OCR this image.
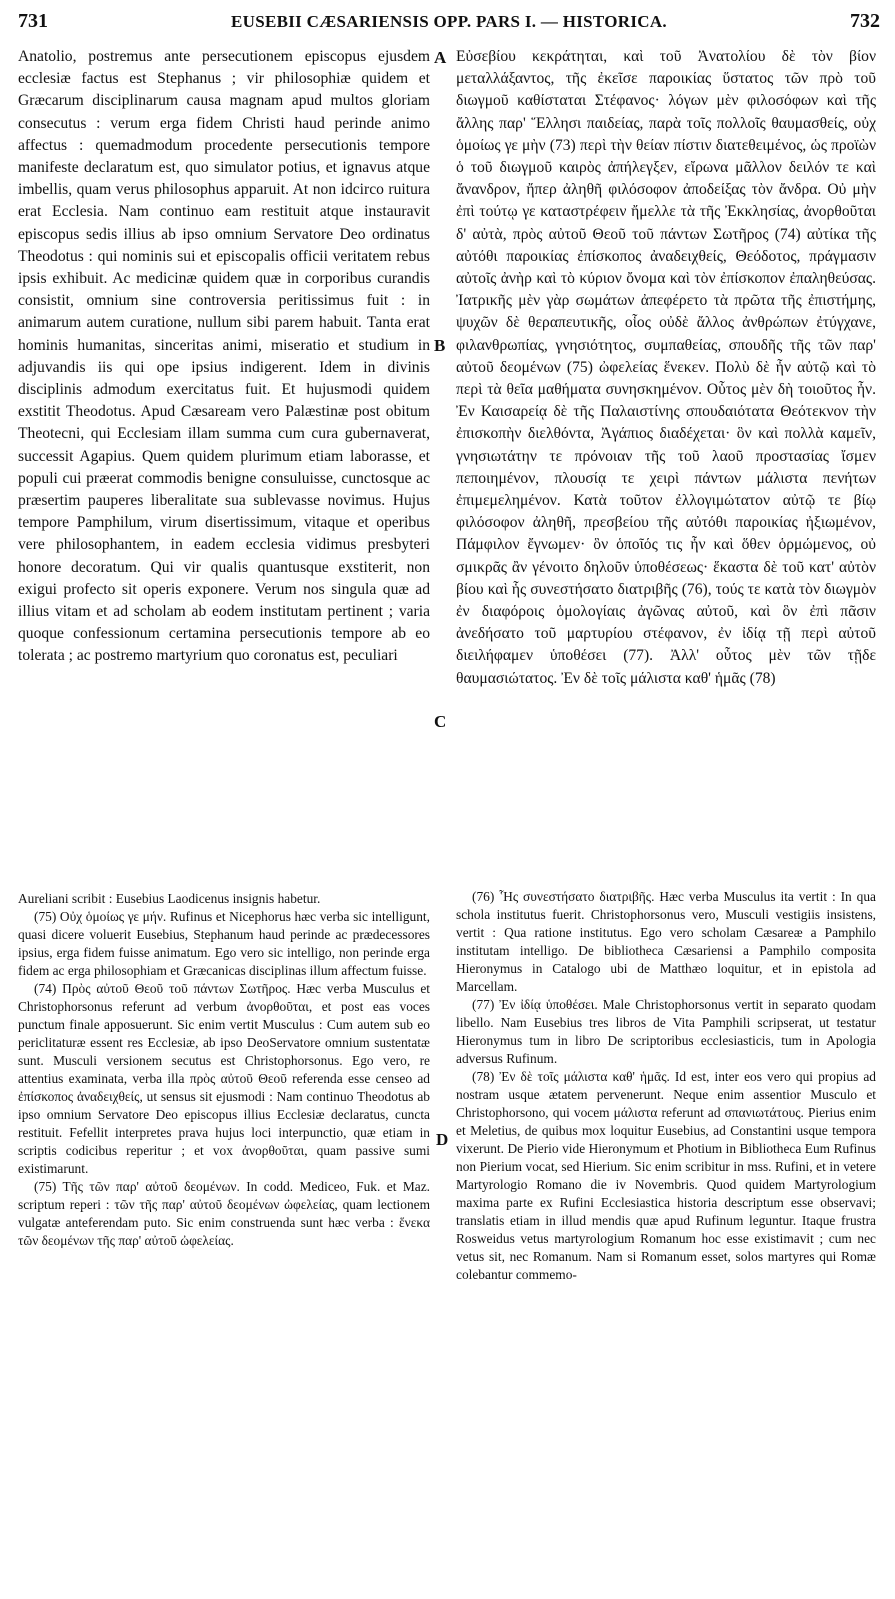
731	EUSEBII CÆSARIENSIS OPP. PARS I. — HISTORICA.	732
Anatolio, postremus ante persecutionem episcopus ejusdem ecclesiæ factus est Stephanus ; vir philosophiæ quidem et Græcarum disciplinarum causa magnam apud multos gloriam consecutus : verum erga fidem Christi haud perinde animo affectus : quemadmodum procedente persecutionis tempore manifeste declaratum est, quo simulator potius, et ignavus atque imbellis, quam verus philosophus apparuit. At non idcirco ruitura erat Ecclesia. Nam continuo eam restituit atque instauravit episcopus sedis illius ab ipso omnium Servatore Deo ordinatus Theodotus : qui nominis sui et episcopalis officii veritatem rebus ipsis exhibuit. Ac medicinæ quidem quæ in corporibus curandis consistit, omnium sine controversia peritissimus fuit : in animarum autem curatione, nullum sibi parem habuit. Tanta erat hominis humanitas, sinceritas animi, miseratio et studium in adjuvandis iis qui ope ipsius indigerent. Idem in divinis disciplinis admodum exercitatus fuit. Et hujusmodi quidem exstitit Theodotus. Apud Cæsaream vero Palæstinæ post obitum Theotecni, qui Ecclesiam illam summa cum cura gubernaverat, successit Agapius. Quem quidem plurimum etiam laborasse, et populi cui præerat commodis benigne consuluisse, cunctosque ac præsertim pauperes liberalitate sua sublevasse novimus. Hujus tempore Pamphilum, virum disertissimum, vitaque et operibus vere philosophantem, in eadem ecclesia vidimus presbyteri honore decoratum. Qui vir qualis quantusque exstiterit, non exigui profecto sit operis exponere. Verum nos singula quæ ad illius vitam et ad scholam ab eodem institutam pertinent ; varia quoque confessionum certamina persecutionis tempore ab eo tolerata ; ac postremo martyrium quo coronatus est, peculiari
A
B
C
D
Εὐσεβίου κεκράτηται, καὶ τοῦ Ἀνατολίου δὲ τὸν βίον μεταλλάξαντος, τῆς ἐκεῖσε παροικίας ὕστατος τῶν πρὸ τοῦ διωγμοῦ καθίσταται Στέφανος· λόγων μὲν φιλοσόφων καὶ τῆς ἄλλης παρ' Ἕλλησι παιδείας, παρὰ τοῖς πολλοῖς θαυμασθείς, οὐχ ὁμοίως γε μὴν (73) περὶ τὴν θείαν πίστιν διατεθειμένος, ὡς προϊὼν ὁ τοῦ διωγμοῦ καιρὸς ἀπήλεγξεν, εἴρωνα μᾶλλον δειλόν τε καὶ ἄνανδρον, ἤπερ ἀληθῆ φιλόσοφον ἀποδείξας τὸν ἄνδρα. Οὐ μὴν ἐπὶ τούτῳ γε καταστρέφειν ἤμελλε τὰ τῆς Ἐκκλησίας, ἀνορθοῦται δ' αὐτὰ, πρὸς αὐτοῦ Θεοῦ τοῦ πάντων Σωτῆρος (74) αὐτίκα τῆς αὐτόθι παροικίας ἐπίσκοπος ἀναδειχθείς, Θεόδοτος, πράγμασιν αὐτοῖς ἀνὴρ καὶ τὸ κύριον ὄνομα καὶ τὸν ἐπίσκοπον ἐπαληθεύσας. Ἰατρικῆς μὲν γὰρ σωμάτων ἀπεφέρετο τὰ πρῶτα τῆς ἐπιστήμης, ψυχῶν δὲ θεραπευτικῆς, οἷος οὐδὲ ἄλλος ἀνθρώπων ἐτύγχανε, φιλανθρωπίας, γνησιότητος, συμπαθείας, σπουδῆς τῆς τῶν παρ' αὐτοῦ δεομένων (75) ὠφελείας ἕνεκεν. Πολὺ δὲ ἦν αὐτῷ καὶ τὸ περὶ τὰ θεῖα μαθήματα συνησκημένον. Οὗτος μὲν δὴ τοιοῦτος ἦν. Ἐν Καισαρείᾳ δὲ τῆς Παλαιστίνης σπουδαιότατα Θεότεκνον τὴν ἐπισκοπὴν διελθόντα, Ἀγάπιος διαδέχεται· ὃν καὶ πολλὰ καμεῖν, γνησιωτάτην τε πρόνοιαν τῆς τοῦ λαοῦ προστασίας ἴσμεν πεποιημένον, πλουσίᾳ τε χειρὶ πάντων μάλιστα πενήτων ἐπιμεμελημένον. Κατὰ τοῦτον ἐλλογιμώτατον αὐτῷ τε βίῳ φιλόσοφον ἀληθῆ, πρεσβείου τῆς αὐτόθι παροικίας ἠξιωμένον, Πάμφιλον ἔγνωμεν· ὃν ὁποῖός τις ἦν καὶ ὅθεν ὁρμώμενος, οὐ σμικρᾶς ἂν γένοιτο δηλοῦν ὑποθέσεως· ἕκαστα δὲ τοῦ κατ' αὐτὸν βίου καὶ ἧς συνεστήσατο διατριβῆς (76), τούς τε κατὰ τὸν διωγμὸν ἐν διαφόροις ὁμολογίαις ἀγῶνας αὐτοῦ, καὶ ὃν ἐπὶ πᾶσιν ἀνεδήσατο τοῦ μαρτυρίου στέφανον, ἐν ἰδίᾳ τῇ περὶ αὐτοῦ διειλήφαμεν ὑποθέσει (77). Ἀλλ' οὗτος μὲν τῶν τῇδε θαυμασιώτατος. Ἐν δὲ τοῖς μάλιστα καθ' ἡμᾶς (78)

Aureliani scribit : Eusebius Laodicenus insignis habetur.

(75) Οὐχ ὁμοίως γε μήν. Rufinus et Nicephorus hæc verba sic intelligunt, quasi dicere voluerit Eusebius, Stephanum haud perinde ac prædecessores ipsius, erga fidem fuisse animatum. Ego vero sic intelligo, non perinde erga fidem ac erga philosophiam et Græcanicas disciplinas illum affectum fuisse.

(74) Πρὸς αὐτοῦ Θεοῦ τοῦ πάντων Σωτῆρος. Hæc verba Musculus et Christophorsonus referunt ad verbum ἀνορθοῦται, et post eas voces punctum finale apposuerunt. Sic enim vertit Musculus : Cum autem sub eo periclitaturæ essent res Ecclesiæ, ab ipso DeoServatore omnium sustentatæ sunt. Musculi versionem secutus est Christophorsonus. Ego vero, re attentius examinata, verba illa πρὸς αὐτοῦ Θεοῦ referenda esse censeo ad ἐπίσκοπος ἀναδειχθείς, ut sensus sit ejusmodi : Nam continuo Theodotus ab ipso omnium Servatore Deo episcopus illius Ecclesiæ declaratus, cuncta restituit. Fefellit interpretes prava hujus loci interpunctio, quæ etiam in scriptis codicibus reperitur ; et vox ἀνορθοῦται, quam passive sumi existimarunt.

(75) Τῆς τῶν παρ' αὐτοῦ δεομένων. In codd. Mediceo, Fuk. et Maz. scriptum reperi : τῶν τῆς παρ' αὐτοῦ δεομένων ὠφελείας, quam lectionem vulgatæ anteferendam puto. Sic enim construenda sunt hæc verba : ἕνεκα τῶν δεομένων τῆς παρ' αὐτοῦ ὠφελείας.

(76) Ἧς συνεστήσατο διατριβῆς. Hæc verba Musculus ita vertit : In qua schola institutus fuerit. Christophorsonus vero, Musculi vestigiis insistens, vertit : Qua ratione institutus. Ego vero scholam Cæsareæ a Pamphilo institutam intelligo. De bibliotheca Cæsariensi a Pamphilo composita Hieronymus in Catalogo ubi de Matthæo loquitur, et in epistola ad Marcellam.

(77) Ἐν ἰδίᾳ ὑποθέσει. Male Christophorsonus vertit in separato quodam libello. Nam Eusebius tres libros de Vita Pamphili scripserat, ut testatur Hieronymus tum in libro De scriptoribus ecclesiasticis, tum in Apologia adversus Rufinum.

(78) Ἐν δὲ τοῖς μάλιστα καθ' ἡμᾶς. Id est, inter eos vero qui propius ad nostram usque ætatem pervenerunt. Neque enim assentior Musculo et Christophorsono, qui vocem μάλιστα referunt ad σπανιωτάτους. Pierius enim et Meletius, de quibus mox loquitur Eusebius, ad Constantini usque tempora vixerunt. De Pierio vide Hieronymum et Photium in Bibliotheca Eum Rufinus non Pierium vocat, sed Hierium. Sic enim scribitur in mss. Rufini, et in vetere Martyrologio Romano die iv Novembris. Quod quidem Martyrologium maxima parte ex Rufini Ecclesiastica historia descriptum esse observavi; translatis etiam in illud mendis quæ apud Rufinum leguntur. Itaque frustra Rosweidus vetus martyrologium Romanum hoc esse existimavit ; cum nec vetus sit, nec Romanum. Nam si Romanum esset, solos martyres qui Romæ colebantur commemo-
